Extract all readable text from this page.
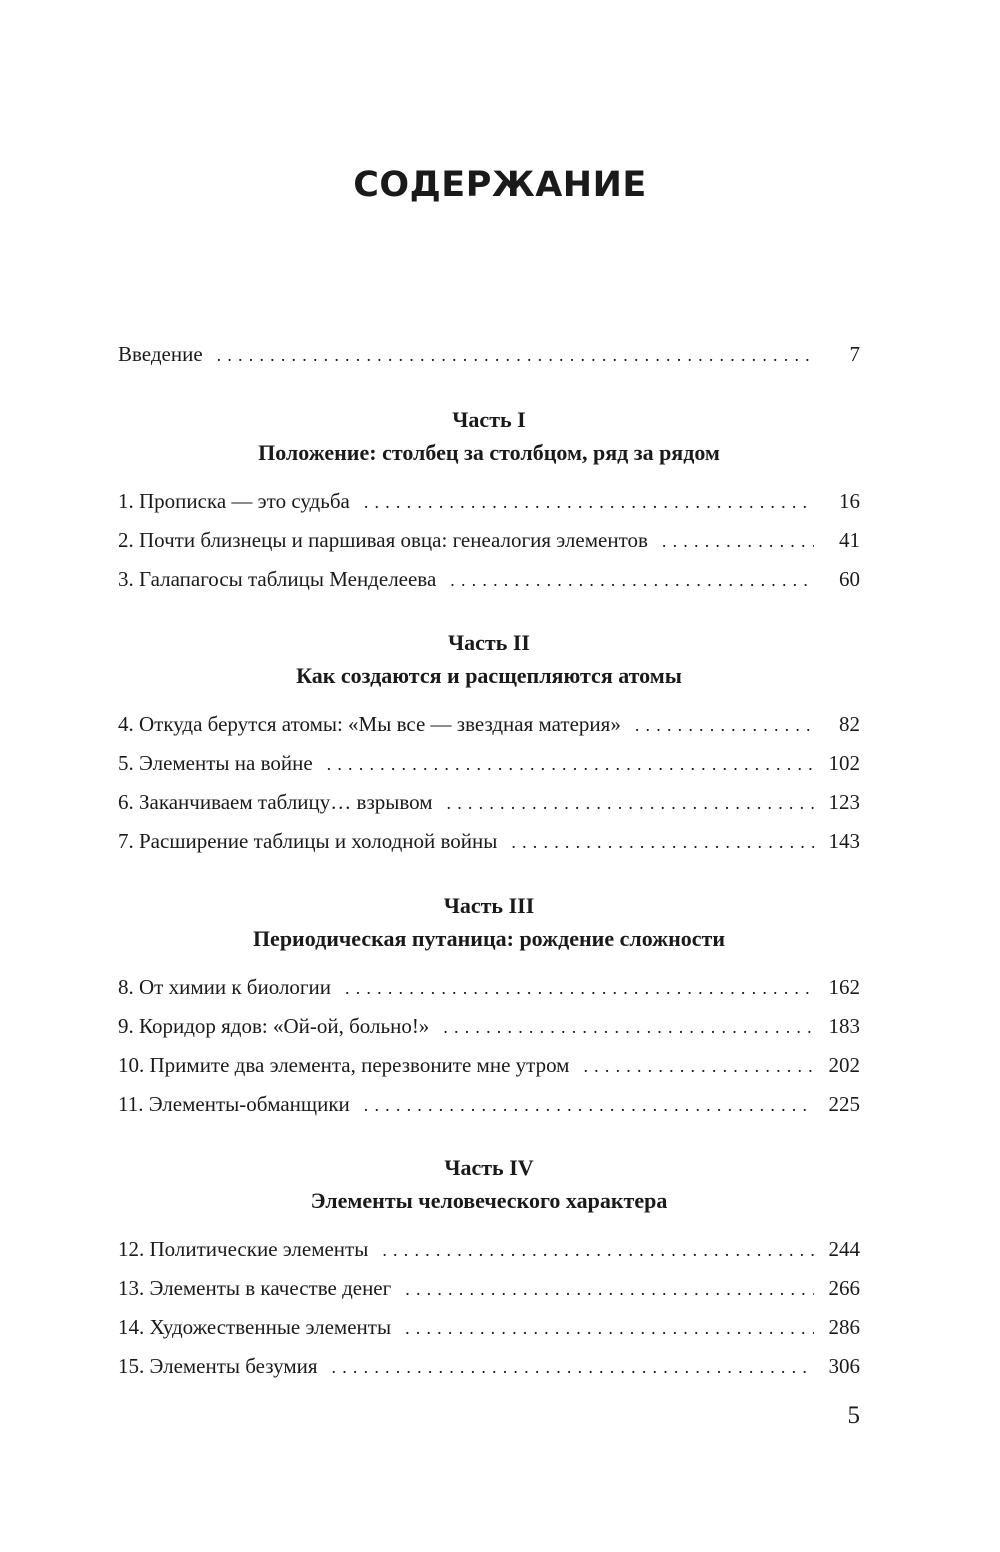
СОДЕРЖАНИЕ
Введение .....	7
Часть I
Положение: столбец за столбцом, ряд за рядом
1. Прописка — это судьба .....	16
2. Почти близнецы и паршивая овца: генеалогия элементов .....	41
3. Галапагосы таблицы Менделеева .....	60
Часть II
Как создаются и расщепляются атомы
4. Откуда берутся атомы: «Мы все — звездная материя» .....	82
5. Элементы на войне .....	102
6. Заканчиваем таблицу… взрывом .....	123
7. Расширение таблицы и холодной войны .....	143
Часть III
Периодическая путаница: рождение сложности
8. От химии к биологии .....	162
9. Коридор ядов: «Ой-ой, больно!» .....	183
10. Примите два элемента, перезвоните мне утром .....	202
11. Элементы-обманщики .....	225
Часть IV
Элементы человеческого характера
12. Политические элементы .....	244
13. Элементы в качестве денег .....	266
14. Художественные элементы .....	286
15. Элементы безумия .....	306
5
